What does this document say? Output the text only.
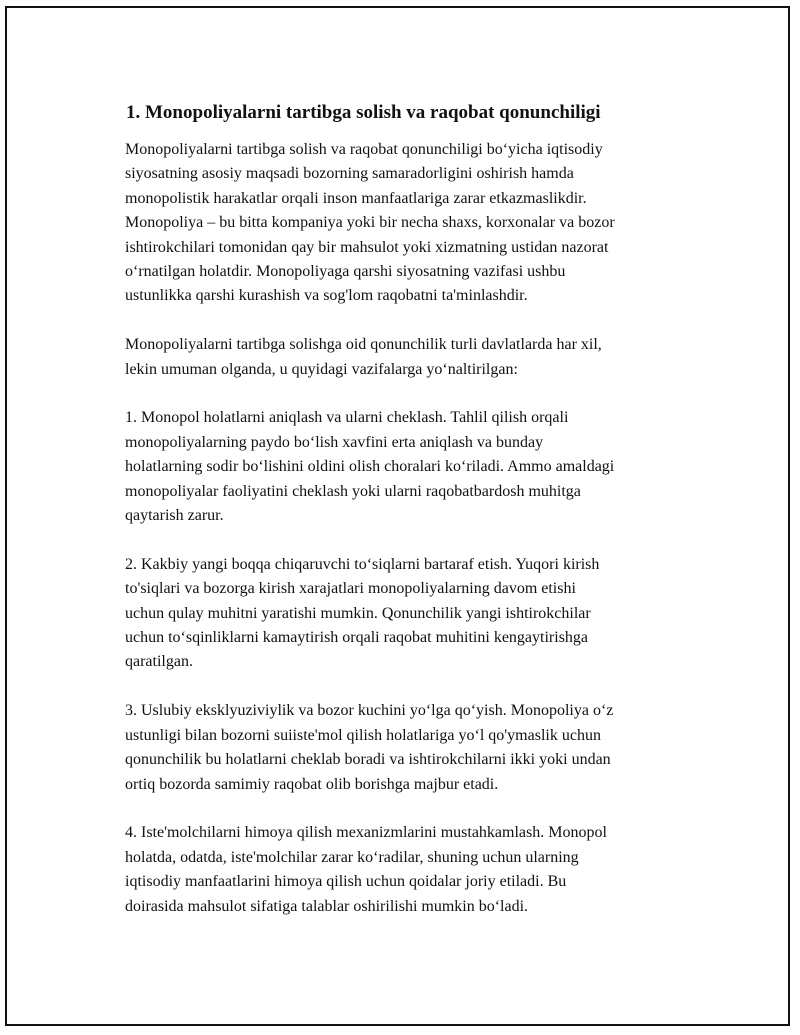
1. Monopoliyalarni tartibga solish va raqobat qonunchiligi

Monopoliyalarni tartibga solish va raqobat qonunchiligi bo‘yicha iqtisodiy
siyosatning asosiy maqsadi bozorning samaradorligini oshirish hamda
monopolistik harakatlar orqali inson manfaatlariga zarar etkazmaslikdir.
Monopoliya – bu bitta kompaniya yoki bir necha shaxs, korxonalar va bozor
ishtirokchilari tomonidan qay bir mahsulot yoki xizmatning ustidan nazorat
o‘rnatilgan holatdir. Monopoliyaga qarshi siyosatning vazifasi ushbu
ustunlikka qarshi kurashish va sog'lom raqobatni ta'minlashdir.

Monopoliyalarni tartibga solishga oid qonunchilik turli davlatlarda har xil,
lekin umuman olganda, u quyidagi vazifalarga yo‘naltirilgan:

1. Monopol holatlarni aniqlash va ularni cheklash. Tahlil qilish orqali
monopoliyalarning paydo bo‘lish xavfini erta aniqlash va bunday
holatlarning sodir bo‘lishini oldini olish choralari ko‘riladi. Ammo amaldagi
monopoliyalar faoliyatini cheklash yoki ularni raqobatbardosh muhitga
qaytarish zarur.

2. Kakbiy yangi boqqa chiqaruvchi to‘siqlarni bartaraf etish. Yuqori kirish
to'siqlari va bozorga kirish xarajatlari monopoliyalarning davom etishi
uchun qulay muhitni yaratishi mumkin. Qonunchilik yangi ishtirokchilar
uchun to‘sqinliklarni kamaytirish orqali raqobat muhitini kengaytirishga
qaratilgan.

3. Uslubiy eksklyuziviylik va bozor kuchini yo‘lga qo‘yish. Monopoliya o‘z
ustunligi bilan bozorni suiiste'mol qilish holatlariga yo‘l qo'ymaslik uchun
qonunchilik bu holatlarni cheklab boradi va ishtirokchilarni ikki yoki undan
ortiq bozorda samimiy raqobat olib borishga majbur etadi.

4. Iste'molchilarni himoya qilish mexanizmlarini mustahkamlash. Monopol
holatda, odatda, iste'molchilar zarar ko‘radilar, shuning uchun ularning
iqtisodiy manfaatlarini himoya qilish uchun qoidalar joriy etiladi. Bu
doirasida mahsulot sifatiga talablar oshirilishi mumkin bo‘ladi.
